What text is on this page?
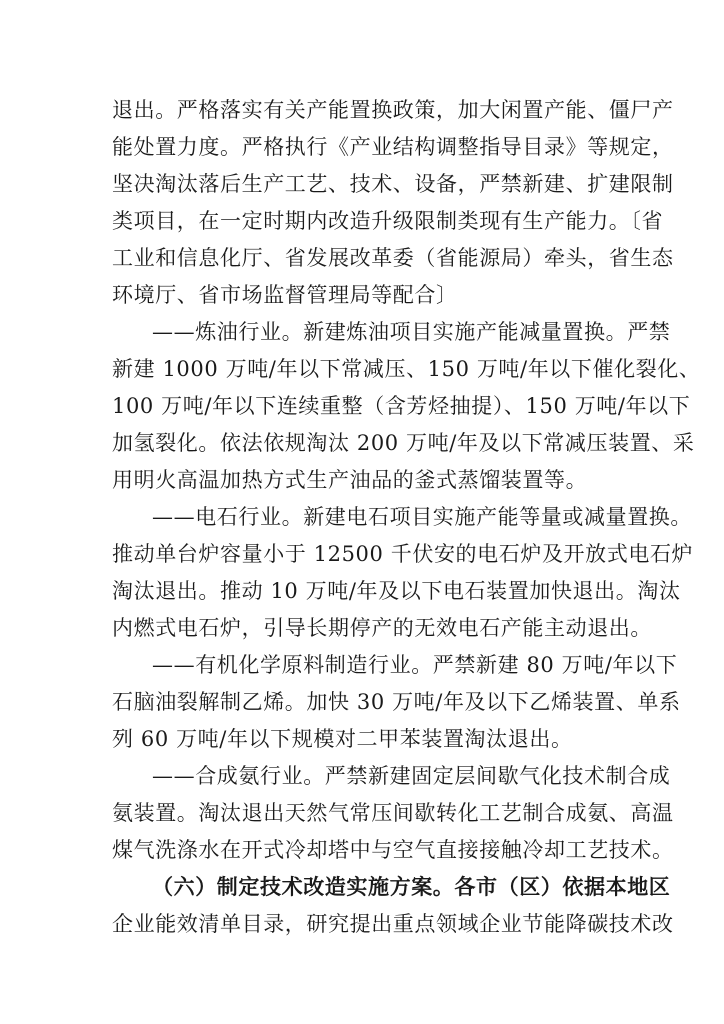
退出。严格落实有关产能置换政策，加大闲置产能、僵尸产
能处置力度。严格执行《产业结构调整指导目录》等规定，
坚决淘汰落后生产工艺、技术、设备，严禁新建、扩建限制
类项目，在一定时期内改造升级限制类现有生产能力。〔省
工业和信息化厅、省发展改革委（省能源局）牵头，省生态
环境厅、省市场监督管理局等配合〕
——炼油行业。新建炼油项目实施产能减量置换。严禁
新建 1000 万吨/年以下常减压、150 万吨/年以下催化裂化、
100 万吨/年以下连续重整（含芳烃抽提）、150 万吨/年以下
加氢裂化。依法依规淘汰 200 万吨/年及以下常减压装置、采
用明火高温加热方式生产油品的釜式蒸馏装置等。
——电石行业。新建电石项目实施产能等量或减量置换。
推动单台炉容量小于 12500 千伏安的电石炉及开放式电石炉
淘汰退出。推动 10 万吨/年及以下电石装置加快退出。淘汰
内燃式电石炉，引导长期停产的无效电石产能主动退出。
——有机化学原料制造行业。严禁新建 80 万吨/年以下
石脑油裂解制乙烯。加快 30 万吨/年及以下乙烯装置、单系
列 60 万吨/年以下规模对二甲苯装置淘汰退出。
——合成氨行业。严禁新建固定层间歇气化技术制合成
氨装置。淘汰退出天然气常压间歇转化工艺制合成氨、高温
煤气洗涤水在开式冷却塔中与空气直接接触冷却工艺技术。
（六）制定技术改造实施方案。各市（区）依据本地区
企业能效清单目录，研究提出重点领域企业节能降碳技术改
